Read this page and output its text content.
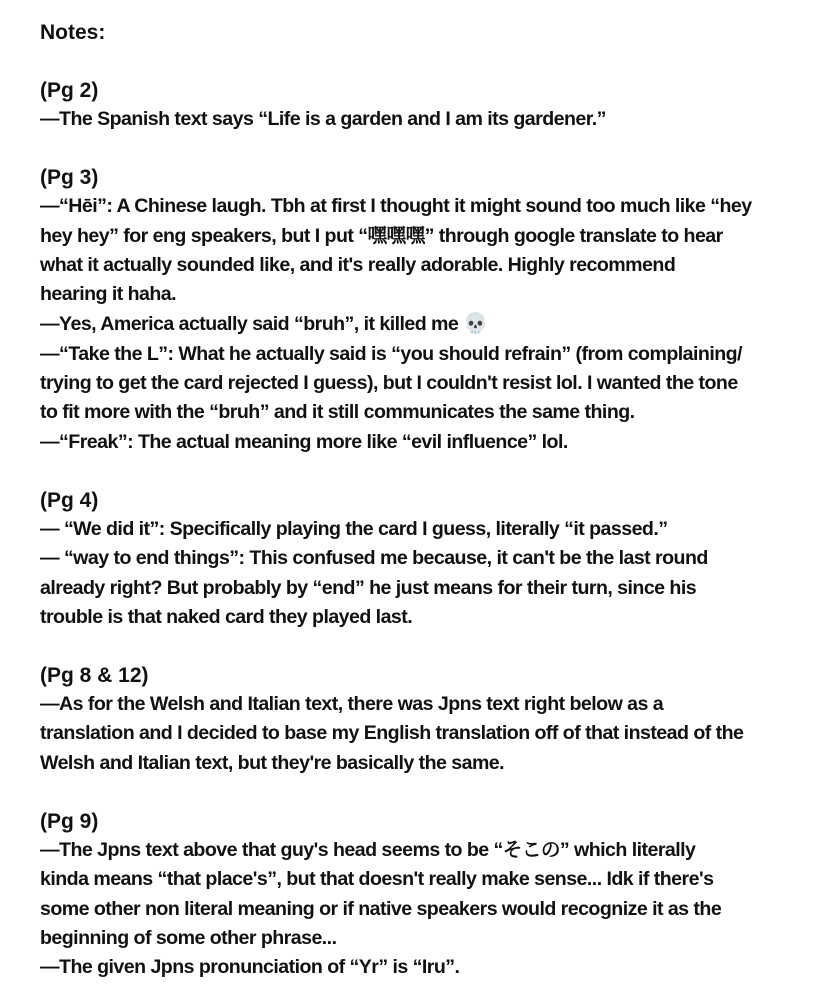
Notes:
(Pg 2)
—The Spanish text says “Life is a garden and I am its gardener.”
(Pg 3)
—“Hēi”: A Chinese laugh. Tbh at first I thought it might sound too much like “hey
hey hey” for eng speakers, but I put “嘿嘿嘿” through google translate to hear
what it actually sounded like, and it's really adorable. Highly recommend
hearing it haha.
—Yes, America actually said “bruh”, it killed me 💀
—“Take the L”: What he actually said is “you should refrain” (from complaining/
trying to get the card rejected I guess), but I couldn't resist lol. I wanted the tone
to fit more with the “bruh” and it still communicates the same thing.
—“Freak”: The actual meaning more like “evil influence” lol.
(Pg 4)
— “We did it”: Specifically playing the card I guess, literally “it passed.”
— “way to end things”: This confused me because, it can't be the last round
already right? But probably by “end” he just means for their turn, since his
trouble is that naked card they played last.
(Pg 8 & 12)
—As for the Welsh and Italian text, there was Jpns text right below as a
translation and I decided to base my English translation off of that instead of the
Welsh and Italian text, but they're basically the same.
(Pg 9)
—The Jpns text above that guy's head seems to be “そこの” which literally
kinda means “that place's”, but that doesn't really make sense... Idk if there's
some other non literal meaning or if native speakers would recognize it as the
beginning of some other phrase...
—The given Jpns pronunciation of “Yr” is “Iru”.
